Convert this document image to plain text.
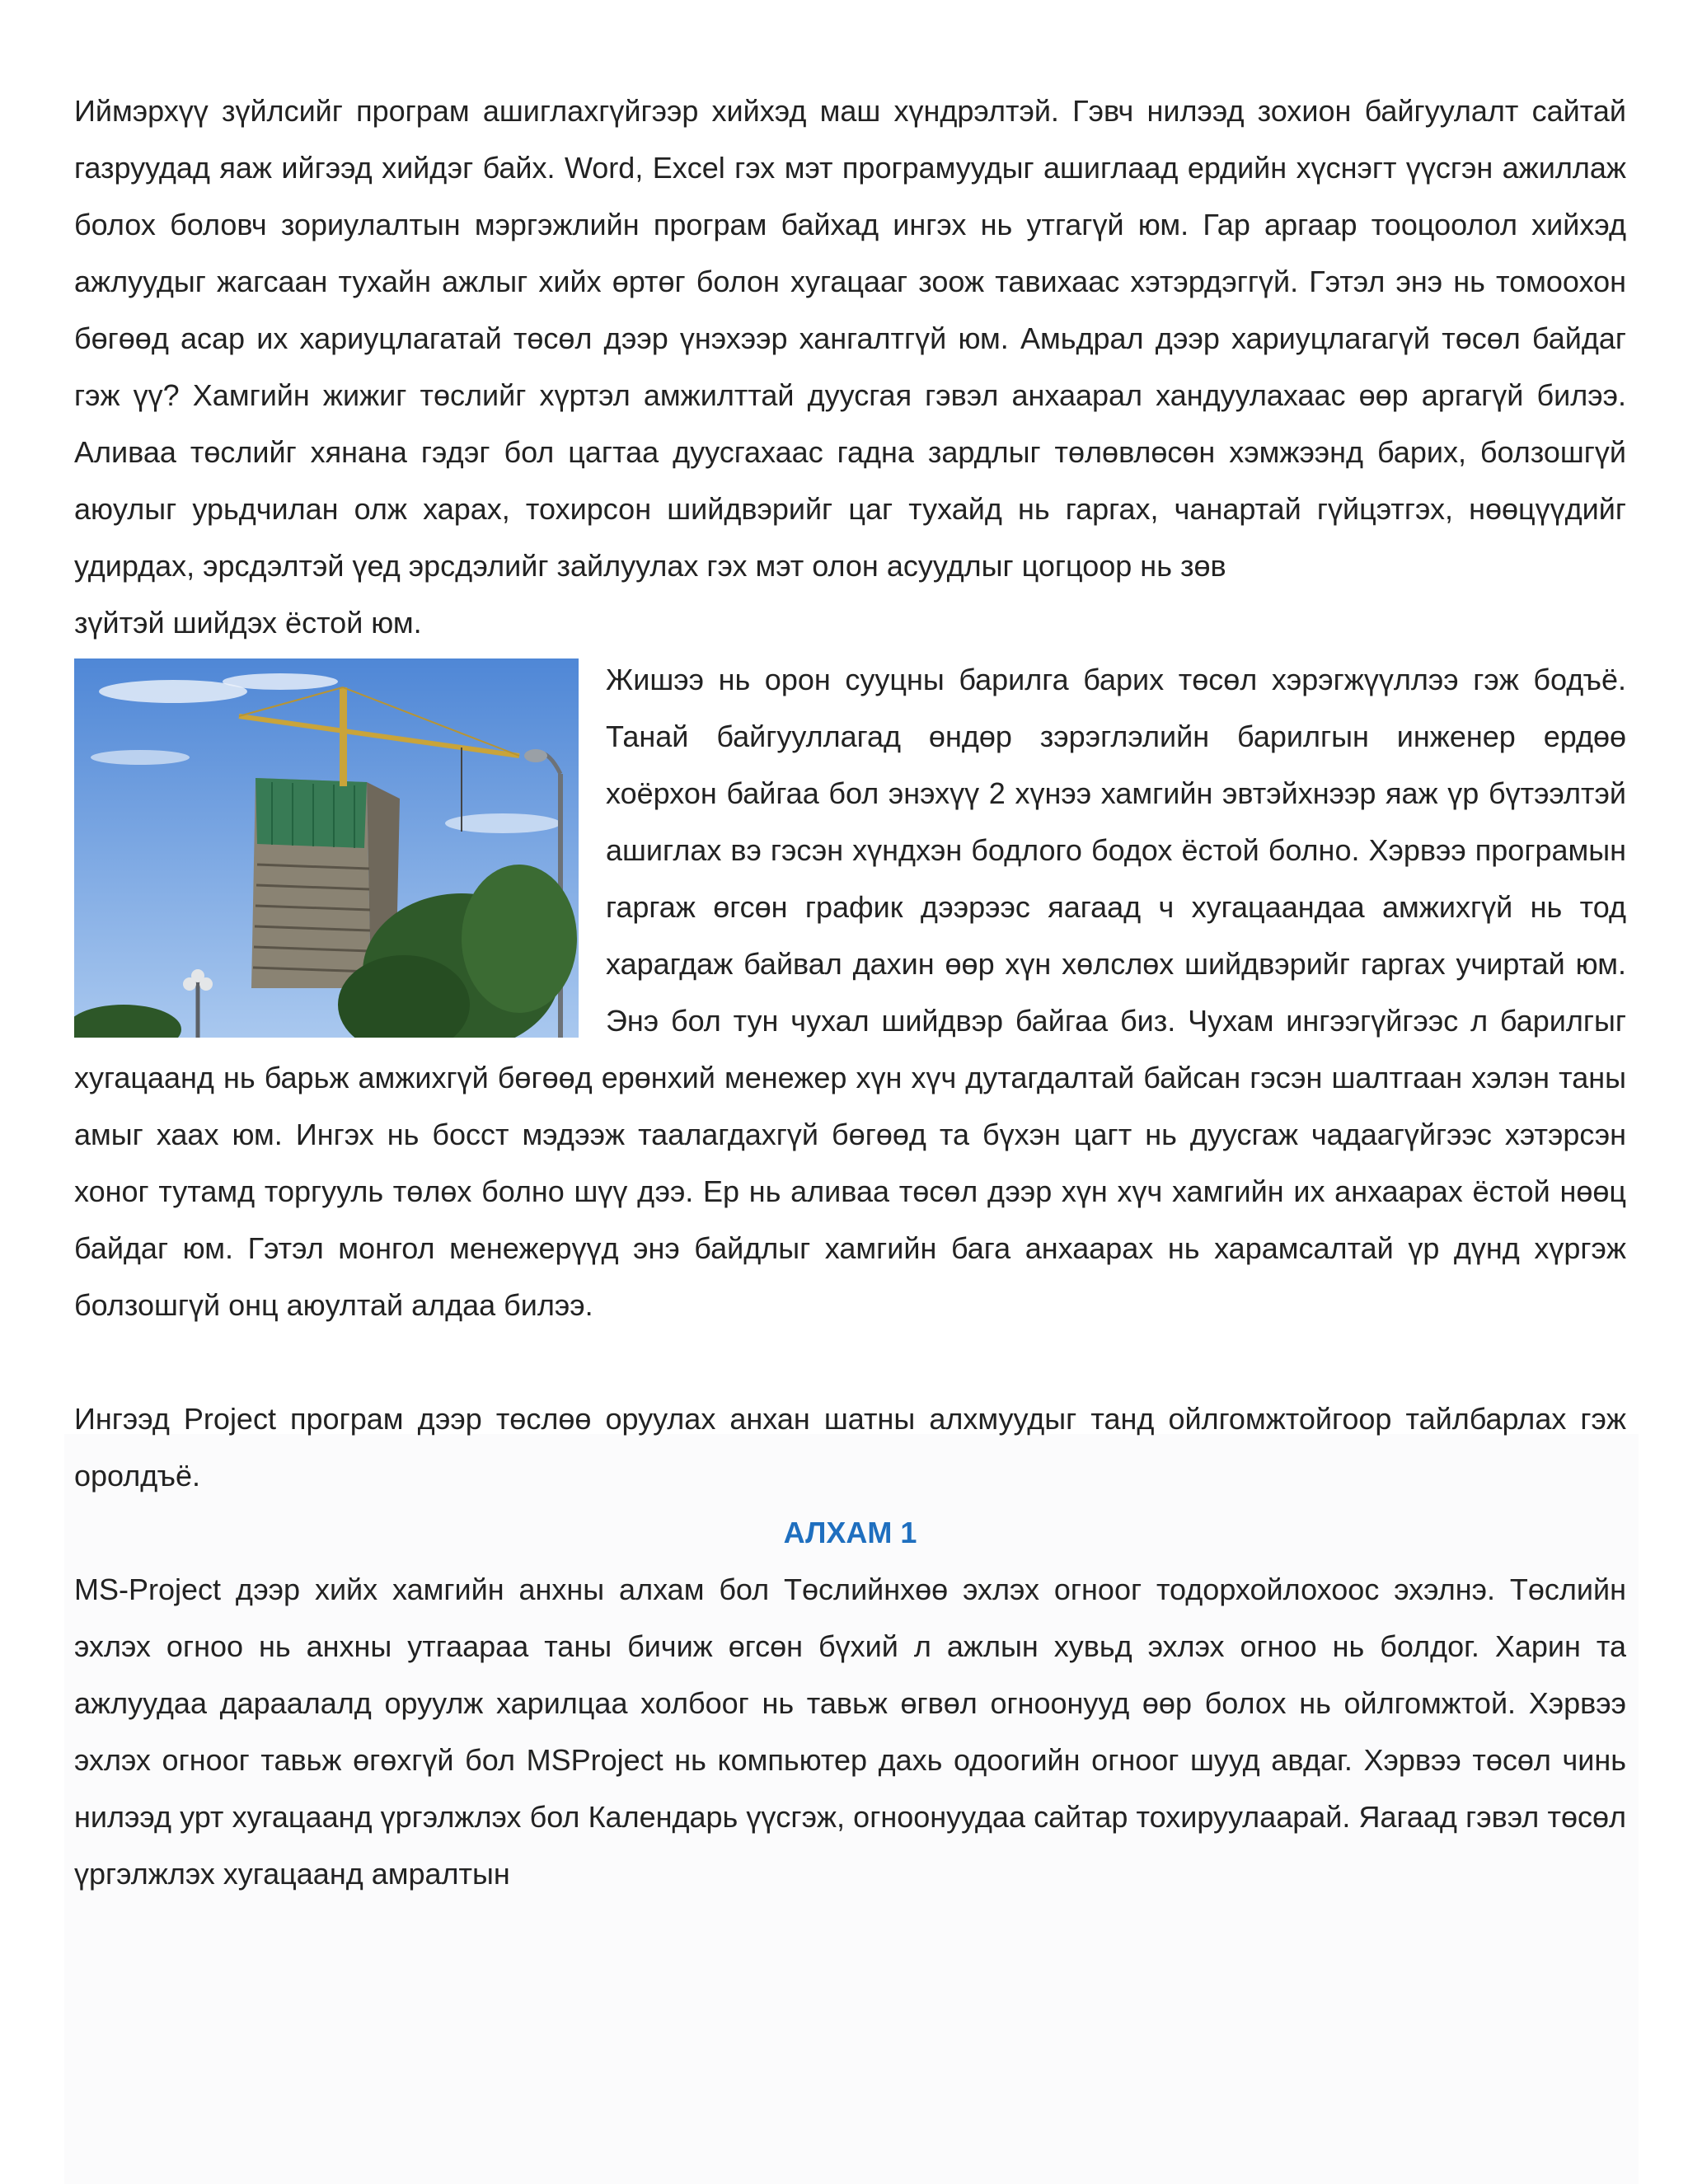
Иймэрхүү зүйлсийг програм ашиглахгүйгээр хийхэд маш хүндрэлтэй. Гэвч нилээд зохион байгуулалт сайтай газруудад яаж ийгээд хийдэг байх. Word, Excel гэх мэт програмуудыг ашиглаад ердийн хүснэгт үүсгэн ажиллаж болох боловч зориулалтын мэргэжлийн програм байхад ингэх нь утгагүй юм. Гар аргаар тооцоолол хийхэд ажлуудыг жагсаан тухайн ажлыг хийх өртөг болон хугацааг зоож тавихаас хэтэрдэггүй. Гэтэл энэ нь томоохон бөгөөд асар их хариуцлагатай төсөл дээр үнэхээр хангалтгүй юм. Амьдрал дээр хариуцлагагүй төсөл байдаг гэж үү? Хамгийн жижиг төслийг хүртэл амжилттай дуусгая гэвэл анхаарал хандуулахаас өөр аргагүй билээ. Аливаа төслийг хянана гэдэг бол цагтаа дуусгахаас гадна зардлыг төлөвлөсөн хэмжээнд барих, болзошгүй аюулыг урьдчилан олж харах, тохирсон шийдвэрийг цаг тухайд нь гаргах, чанартай гүйцэтгэх, нөөцүүдийг удирдах, эрсдэлтэй үед эрсдэлийг зайлуулах гэх мэт олон асуудлыг цогцоор нь зөв

зүйтэй шийдэх ёстой юм.

Жишээ нь орон сууцны барилга барих төсөл хэрэгжүүллээ гэж бодъё. Танай байгууллагад өндөр зэрэглэлийн барилгын инженер ердөө хоёрхон байгаа бол энэхүү 2 хүнээ хамгийн эвтэйхнээр яаж үр бүтээлтэй ашиглах вэ гэсэн хүндхэн бодлого бодох ёстой болно. Хэрвээ програмын гаргаж өгсөн график дээрээс яагаад ч хугацаандаа амжихгүй нь тод харагдаж байвал дахин өөр хүн хөлслөх шийдвэрийг гаргах учиртай юм. Энэ бол тун чухал шийдвэр байгаа биз. Чухам ингээгүйгээс л барилгыг хугацаанд нь барьж амжихгүй бөгөөд ерөнхий менежер хүн хүч дутагдалтай байсан гэсэн шалтгаан хэлэн таны амыг хаах юм. Ингэх нь босст мэдээж таалагдахгүй бөгөөд та бүхэн цагт нь дуусгаж чадаагүйгээс хэтэрсэн хоног тутамд торгууль төлөх болно шүү дээ. Ер нь аливаа төсөл дээр хүн хүч хамгийн их анхаарах ёстой нөөц байдаг юм. Гэтэл монгол менежерүүд энэ байдлыг хамгийн бага анхаарах нь харамсалтай үр дүнд хүргэж болзошгүй онц аюултай алдаа билээ.

Ингээд Project програм дээр төслөө оруулах анхан шатны алхмуудыг танд ойлгомжтойгоор тайлбарлах гэж оролдъё.

АЛХАМ 1

MS-Project дээр хийх хамгийн анхны алхам бол Төслийнхөө эхлэх огноог тодорхойлохоос эхэлнэ. Төслийн эхлэх огноо нь анхны утгаараа таны бичиж өгсөн бүхий л ажлын хувьд эхлэх огноо нь болдог. Харин та ажлуудаа дараалалд оруулж харилцаа холбоог нь тавьж өгвөл огноонууд өөр болох нь ойлгомжтой. Хэрвээ эхлэх огноог тавьж өгөхгүй бол MSProject нь компьютер дахь одоогийн огноог шууд авдаг. Хэрвээ төсөл чинь нилээд урт хугацаанд үргэлжлэх бол Календарь үүсгэж, огноонуудаа сайтар тохируулаарай. Яагаад гэвэл төсөл үргэлжлэх хугацаанд амралтын
